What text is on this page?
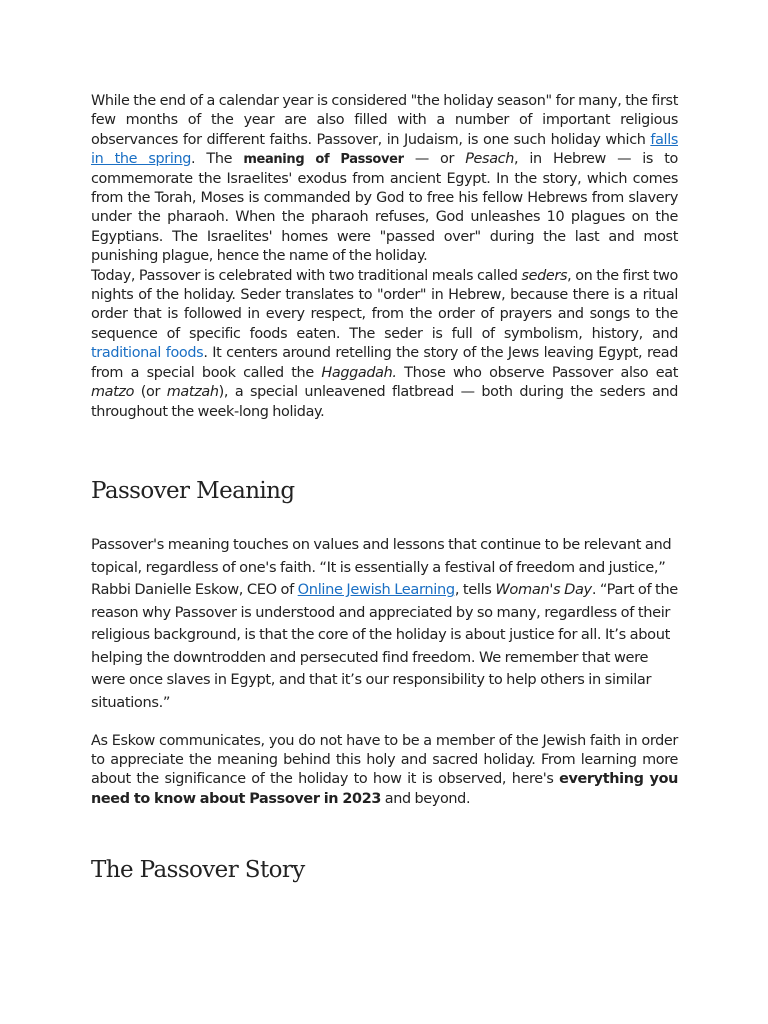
While the end of a calendar year is considered "the holiday season" for many, the first few months of the year are also filled with a number of important religious observances for different faiths. Passover, in Judaism, is one such holiday which falls in the spring. The meaning of Passover — or Pesach, in Hebrew — is to commemorate the Israelites' exodus from ancient Egypt. In the story, which comes from the Torah, Moses is commanded by God to free his fellow Hebrews from slavery under the pharaoh. When the pharaoh refuses, God unleashes 10 plagues on the Egyptians. The Israelites' homes were "passed over" during the last and most punishing plague, hence the name of the holiday.

Today, Passover is celebrated with two traditional meals called seders, on the first two nights of the holiday. Seder translates to "order" in Hebrew, because there is a ritual order that is followed in every respect, from the order of prayers and songs to the sequence of specific foods eaten. The seder is full of symbolism, history, and traditional foods. It centers around retelling the story of the Jews leaving Egypt, read from a special book called the Haggadah. Those who observe Passover also eat matzo (or matzah), a special unleavened flatbread — both during the seders and throughout the week-long holiday.

Passover Meaning

Passover's meaning touches on values and lessons that continue to be relevant and topical, regardless of one's faith. “It is essentially a festival of freedom and justice,” Rabbi Danielle Eskow, CEO of Online Jewish Learning, tells Woman's Day. “Part of the reason why Passover is understood and appreciated by so many, regardless of their religious background, is that the core of the holiday is about justice for all. It’s about helping the downtrodden and persecuted find freedom. We remember that were were once slaves in Egypt, and that it’s our responsibility to help others in similar situations.”

As Eskow communicates, you do not have to be a member of the Jewish faith in order to appreciate the meaning behind this holy and sacred holiday. From learning more about the significance of the holiday to how it is observed, here's everything you need to know about Passover in 2023 and beyond.

The Passover Story
